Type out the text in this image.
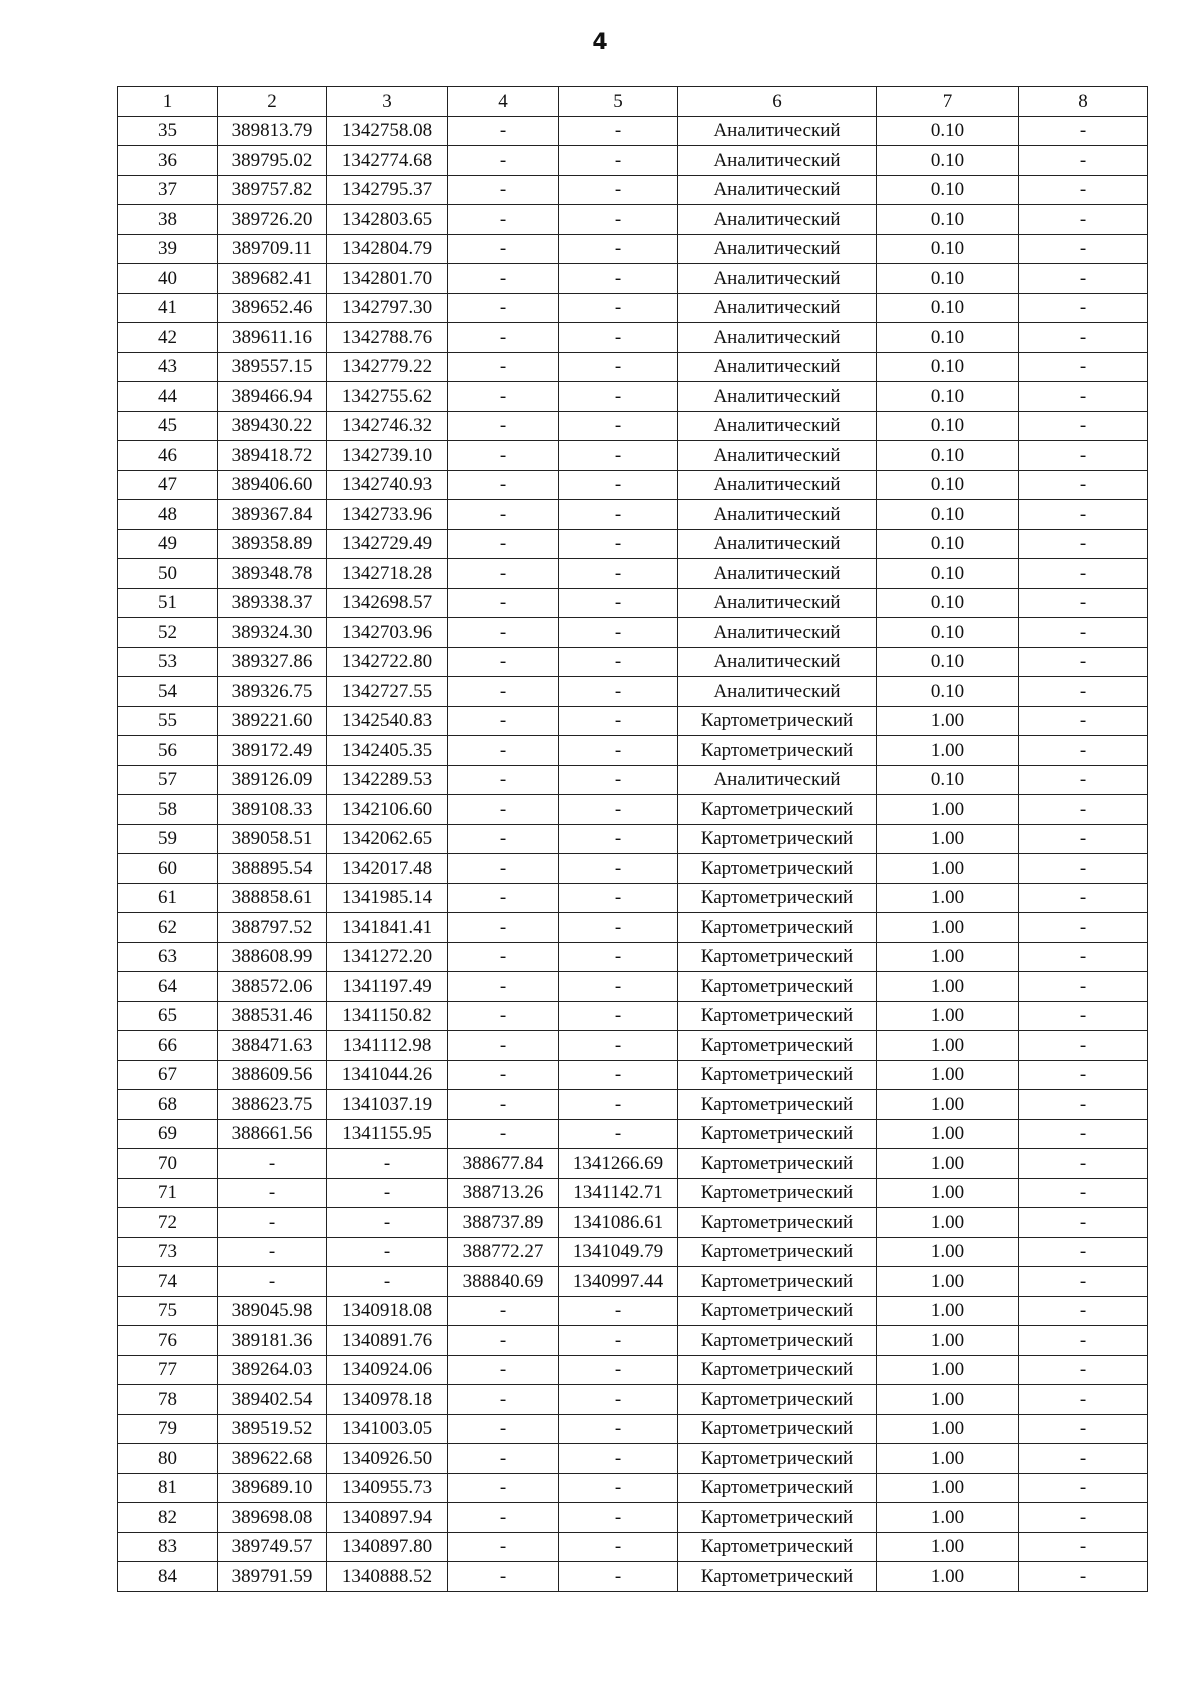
4
1	2	3	4	5	6	7	8
35	389813.79	1342758.08	-	-	Аналитический	0.10	-
36	389795.02	1342774.68	-	-	Аналитический	0.10	-
37	389757.82	1342795.37	-	-	Аналитический	0.10	-
38	389726.20	1342803.65	-	-	Аналитический	0.10	-
39	389709.11	1342804.79	-	-	Аналитический	0.10	-
40	389682.41	1342801.70	-	-	Аналитический	0.10	-
41	389652.46	1342797.30	-	-	Аналитический	0.10	-
42	389611.16	1342788.76	-	-	Аналитический	0.10	-
43	389557.15	1342779.22	-	-	Аналитический	0.10	-
44	389466.94	1342755.62	-	-	Аналитический	0.10	-
45	389430.22	1342746.32	-	-	Аналитический	0.10	-
46	389418.72	1342739.10	-	-	Аналитический	0.10	-
47	389406.60	1342740.93	-	-	Аналитический	0.10	-
48	389367.84	1342733.96	-	-	Аналитический	0.10	-
49	389358.89	1342729.49	-	-	Аналитический	0.10	-
50	389348.78	1342718.28	-	-	Аналитический	0.10	-
51	389338.37	1342698.57	-	-	Аналитический	0.10	-
52	389324.30	1342703.96	-	-	Аналитический	0.10	-
53	389327.86	1342722.80	-	-	Аналитический	0.10	-
54	389326.75	1342727.55	-	-	Аналитический	0.10	-
55	389221.60	1342540.83	-	-	Картометрический	1.00	-
56	389172.49	1342405.35	-	-	Картометрический	1.00	-
57	389126.09	1342289.53	-	-	Аналитический	0.10	-
58	389108.33	1342106.60	-	-	Картометрический	1.00	-
59	389058.51	1342062.65	-	-	Картометрический	1.00	-
60	388895.54	1342017.48	-	-	Картометрический	1.00	-
61	388858.61	1341985.14	-	-	Картометрический	1.00	-
62	388797.52	1341841.41	-	-	Картометрический	1.00	-
63	388608.99	1341272.20	-	-	Картометрический	1.00	-
64	388572.06	1341197.49	-	-	Картометрический	1.00	-
65	388531.46	1341150.82	-	-	Картометрический	1.00	-
66	388471.63	1341112.98	-	-	Картометрический	1.00	-
67	388609.56	1341044.26	-	-	Картометрический	1.00	-
68	388623.75	1341037.19	-	-	Картометрический	1.00	-
69	388661.56	1341155.95	-	-	Картометрический	1.00	-
70	-	-	388677.84	1341266.69	Картометрический	1.00	-
71	-	-	388713.26	1341142.71	Картометрический	1.00	-
72	-	-	388737.89	1341086.61	Картометрический	1.00	-
73	-	-	388772.27	1341049.79	Картометрический	1.00	-
74	-	-	388840.69	1340997.44	Картометрический	1.00	-
75	389045.98	1340918.08	-	-	Картометрический	1.00	-
76	389181.36	1340891.76	-	-	Картометрический	1.00	-
77	389264.03	1340924.06	-	-	Картометрический	1.00	-
78	389402.54	1340978.18	-	-	Картометрический	1.00	-
79	389519.52	1341003.05	-	-	Картометрический	1.00	-
80	389622.68	1340926.50	-	-	Картометрический	1.00	-
81	389689.10	1340955.73	-	-	Картометрический	1.00	-
82	389698.08	1340897.94	-	-	Картометрический	1.00	-
83	389749.57	1340897.80	-	-	Картометрический	1.00	-
84	389791.59	1340888.52	-	-	Картометрический	1.00	-
